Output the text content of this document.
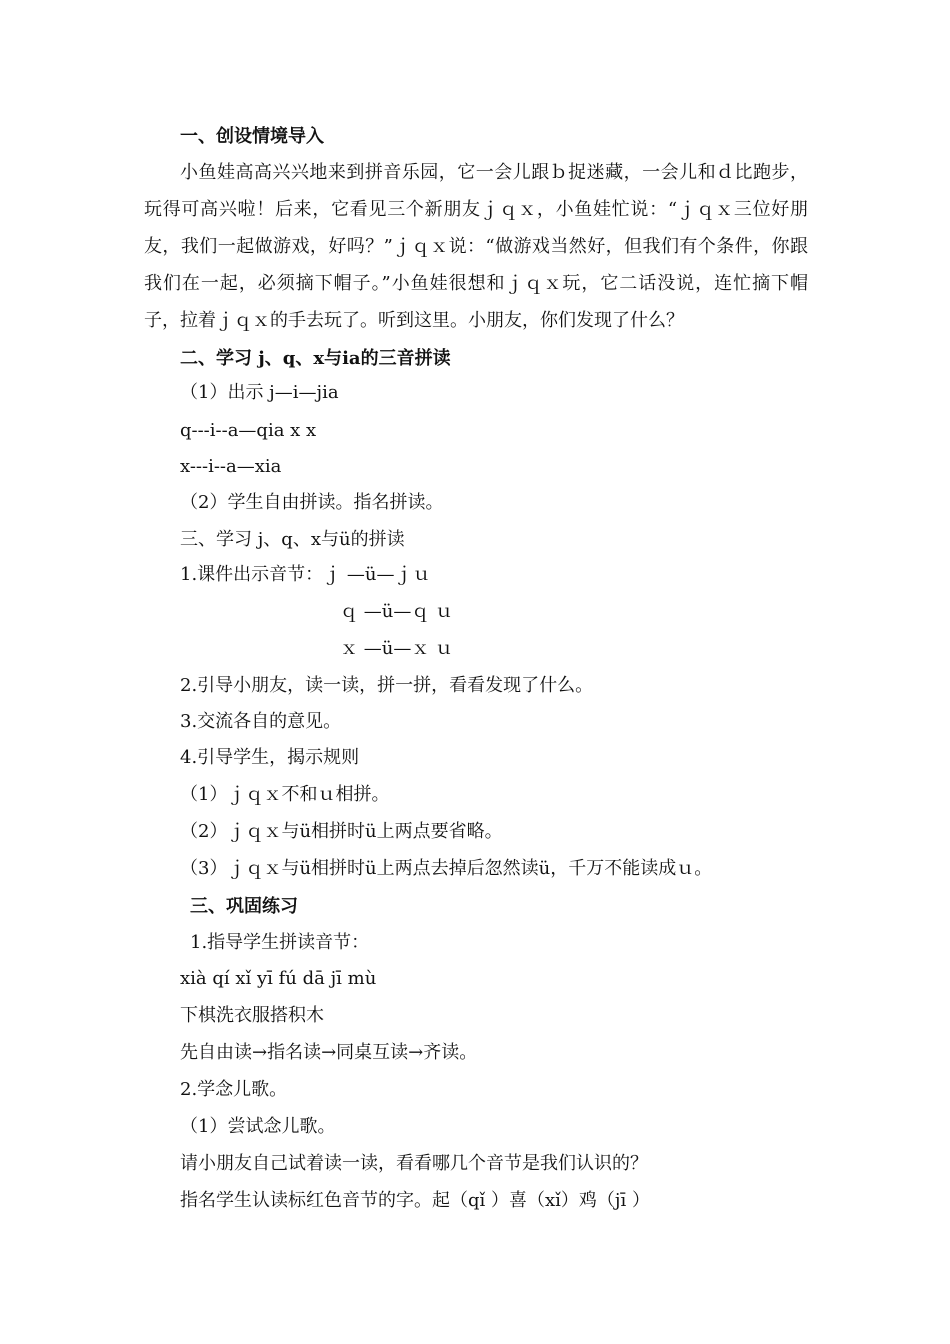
一、创设情境导入

小鱼娃高高兴兴地来到拼音乐园，它一会儿跟ｂ捉迷藏，一会儿和ｄ比跑步，玩得可高兴啦！后来，它看见三个新朋友ｊｑｘ，小鱼娃忙说：“ｊｑｘ三位好朋友，我们一起做游戏，好吗？”ｊｑｘ说：“做游戏当然好，但我们有个条件，你跟我们在一起，必须摘下帽子。”小鱼娃很想和ｊｑｘ玩，它二话没说，连忙摘下帽子，拉着ｊｑｘ的手去玩了。听到这里。小朋友，你们发现了什么？

二、学习 j、q、x与ia的三音拼读
（1）出示 j—i—jia
q---i--a—qia x x
x---i--a—xia
（2）学生自由拼读。指名拼读。
三、学习 j、q、x与ü的拼读
1.课件出示音节：ｊ —ü—ｊｕ
ｑ —ü—ｑ ｕ
ｘ —ü—ｘ ｕ
2.引导小朋友，读一读，拼一拼，看看发现了什么。
3.交流各自的意见。
4.引导学生，揭示规则
（1）ｊｑｘ不和ｕ相拼。
（2）ｊｑｘ与ü相拼时ü上两点要省略。
（3）ｊｑｘ与ü相拼时ü上两点去掉后忽然读ü，千万不能读成ｕ。
三、巩固练习
1.指导学生拼读音节：
xià qí xǐ yī fú dā jī mù
下棋洗衣服搭积木
先自由读→指名读→同桌互读→齐读。
2.学念儿歌。
（1）尝试念儿歌。
请小朋友自己试着读一读，看看哪几个音节是我们认识的？
指名学生认读标红色音节的字。起（qǐ ）喜（xǐ）鸡（jī ）
